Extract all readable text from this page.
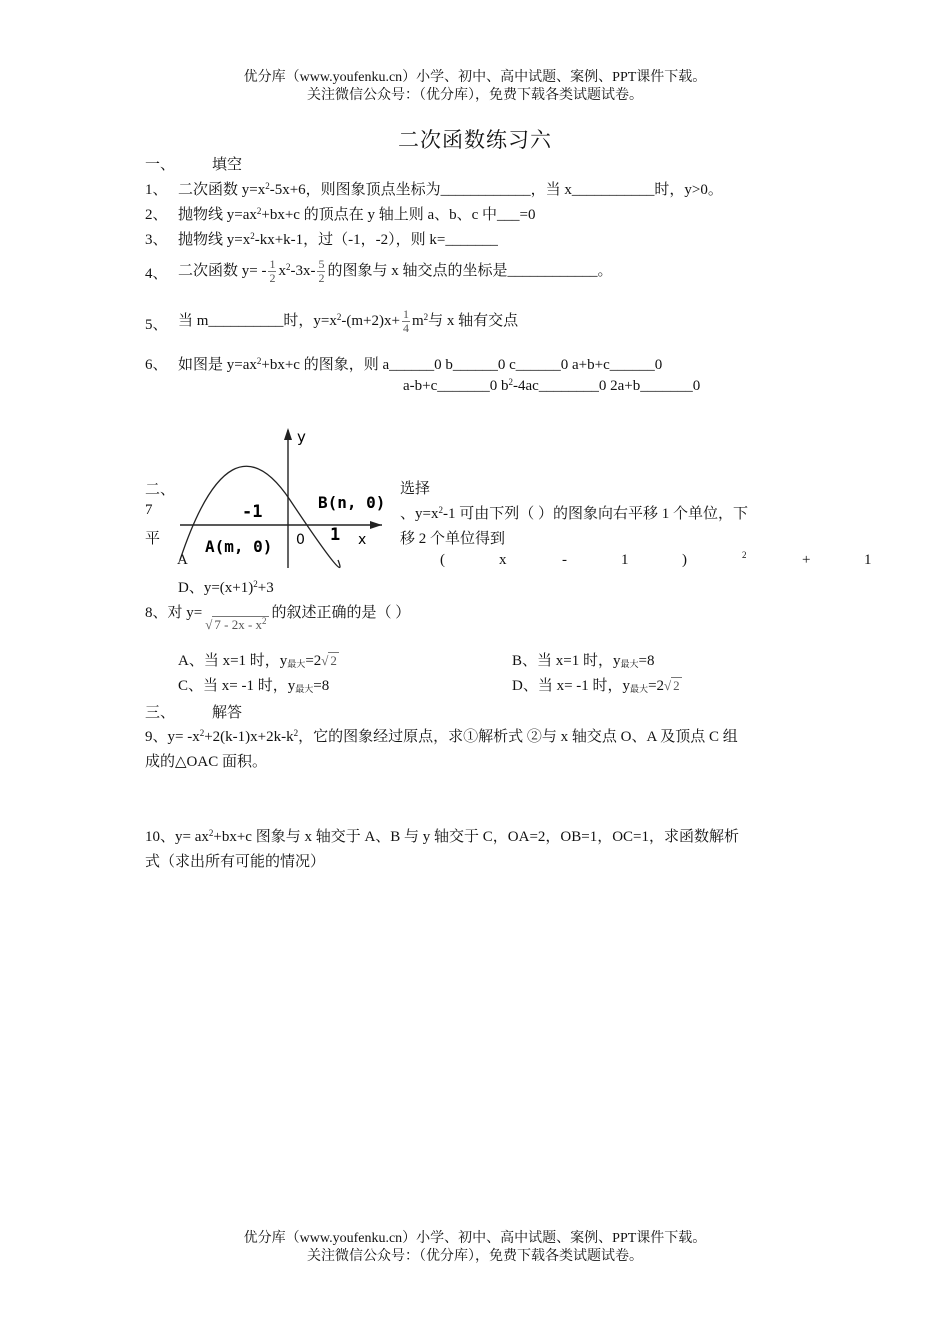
优分库（www.youfenku.cn）小学、初中、高中试题、案例、PPT课件下载。
关注微信公众号：（优分库），免费下载各类试题试卷。
二次函数练习六
一、 填空
1、 二次函数 $y=x^2-5x+6$，则图象顶点坐标为____________，当 x___________时，y>0。
2、 抛物线 $y=ax^2+bx+c$ 的顶点在 y 轴上则 a、b、c 中___=0
3、 抛物线 $y=x^2-kx+k-1$，过（-1，-2），则 k=_______
4、 二次函数 $y= - \frac{1}{2} x^2-3x- \frac{5}{2}$ 的图象与 x 轴交点的坐标是____________。
5、 当 m__________时，$y=x^2-(m+2)x+ \frac{1}{4} m^2$与 x 轴有交点
6、 如图是 $y=ax^2+bx+c$ 的图象，则 a______0 b______0 c______0 a+b+c______0
a-b+c_______0 $b^2-4ac\_\_\_\_\_\_\_\_0$ 2a+b_______0
y
x
-1
0 1
A(m, 0)
B(n, 0)
二、	选择
7	、$y=x^2-1$ 可由下列（ ）的图象向右平移 1 个单位，下
平	移 2 个单位得到
A	(	x	-	1	)	2	+	1
D、$y=(x+1)^2+3$
8、对 y=√ $7 - 2x - x^2$ 的叙述正确的是（ ）
A、当 x=1 时，$y_{最大}=2√$ 2	B、当 x=1 时，$y_{最大}=8$
C、当 x= -1 时，$y_{最大}=8$	D、当 x= -1 时，$y_{最大}=2√$ 2
三、 解答
9、$y= -x^2+2(k-1)x+2k-k^2$，它的图象经过原点，求①解析式 ②与 x 轴交点 O、A 及顶点 C 组
成的△OAC 面积。
10、$y= ax^2+bx+c$ 图象与 x 轴交于 A、B 与 y 轴交于 C，OA=2，OB=1，OC=1，求函数解析
式（求出所有可能的情况）
优分库（www.youfenku.cn）小学、初中、高中试题、案例、PPT课件下载。
关注微信公众号：（优分库），免费下载各类试题试卷。
